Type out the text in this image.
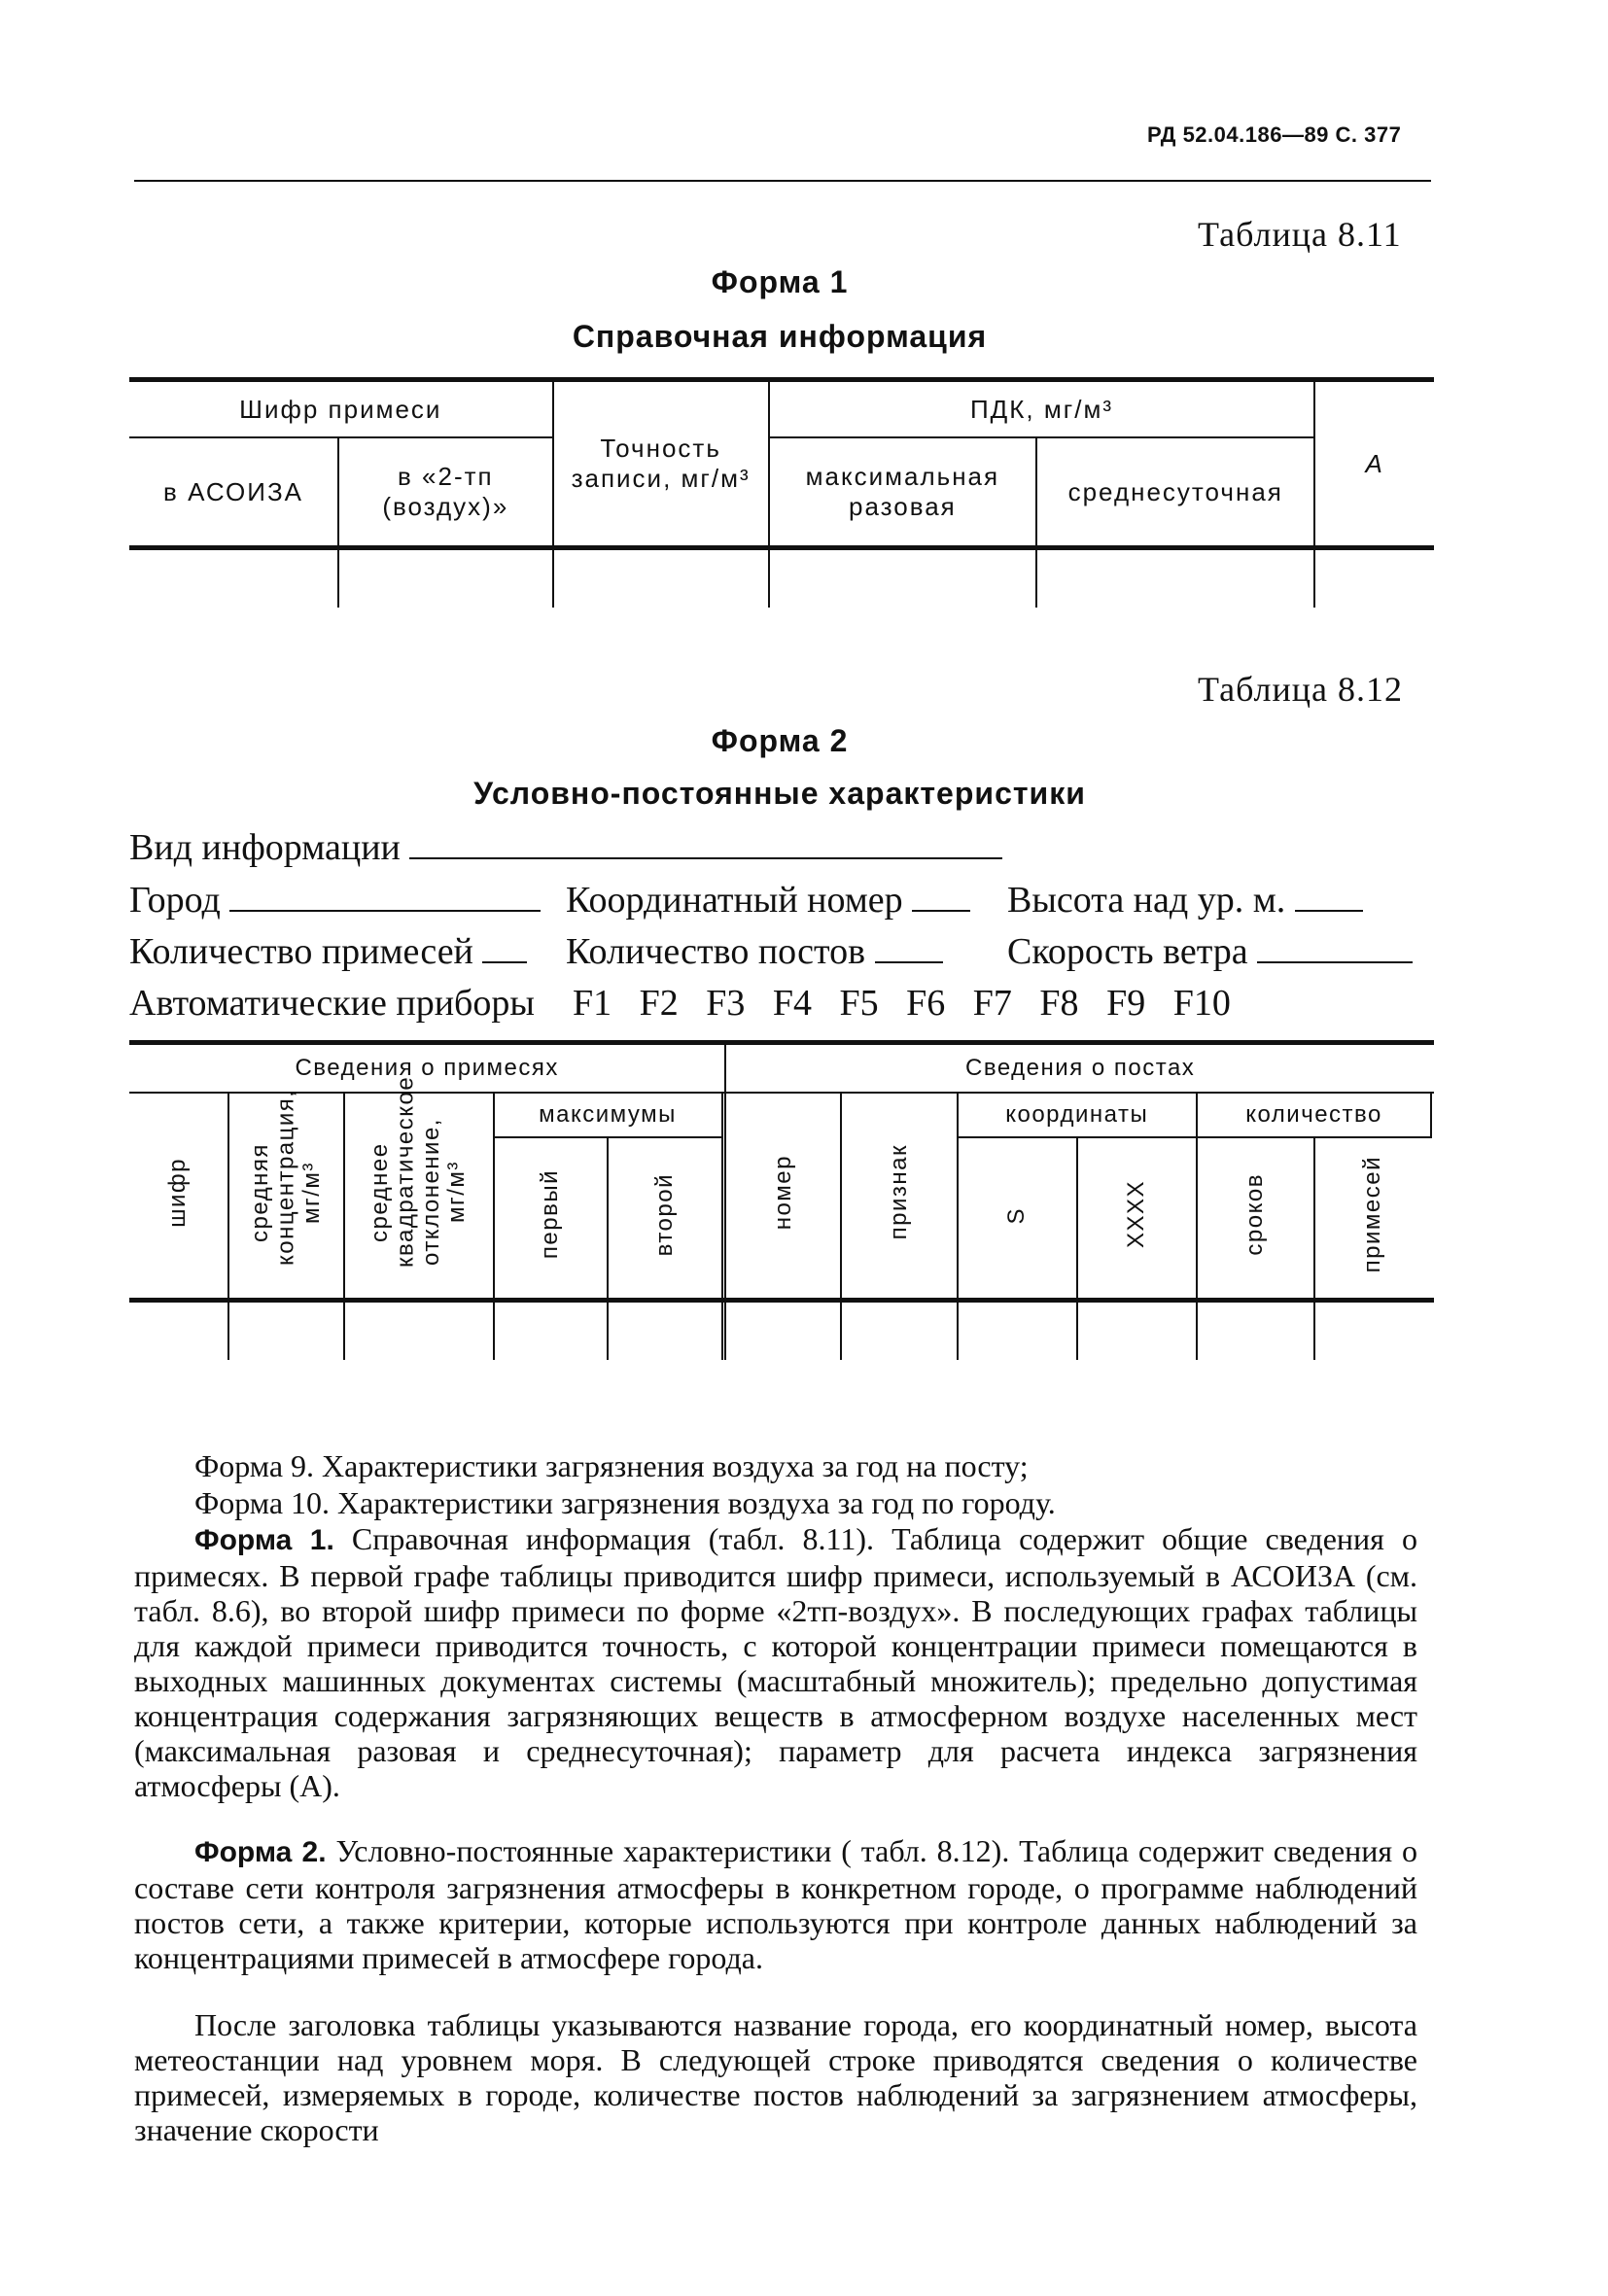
РД 52.04.186—89 С. 377
Таблица 8.11
Форма 1
Справочная информация
Шифр примеси		Точность записи, мг/м³	ПДК, мг/м³		А
в АСОИЗА	в «2-тп (воздух)»		максимальная разовая	среднесуточная	

Таблица 8.12
Форма 2
Условно-постоянные характеристики
Вид информации
Город	Координатный номер	Высота над ур. м.
Количество примесей	Количество постов	Скорость ветра
Автоматические приборы F1 F2 F3 F4 F5 F6 F7 F8 F9 F10
Сведения о примесях						Сведения о постах						
шифр	средняя концентрация, мг/м³	среднее квадратичеcкое отклонение, мг/м³	максимумы			номер	признак	координаты		количество		
			первый	второй				S	XXXX	сроков	примесей	

Форма 9. Характеристики загрязнения воздуха за год на посту;
Форма 10. Характеристики загрязнения воздуха за год по городу.
Форма 1. Справочная информация (табл. 8.11). Таблица содержит общие сведения о примесях. В первой графе таблицы приводится шифр примеси, используемый в АСОИЗА (см. табл. 8.6), во второй шифр примеси по форме «2тп-воздух». В последующих графах таблицы для каждой примеси приводится точность, с которой концентрации примеси помещаются в выходных машинных документах системы (масштабный множитель); предельно допустимая концентрация содержания загрязняющих веществ в атмосферном воздухе населенных мест (максимальная разовая и среднесуточная); параметр для расчета индекса загрязнения атмосферы (А).
Форма 2. Условно-постоянные характеристики ( табл. 8.12). Таблица содержит сведения о составе сети контроля загрязнения атмосферы в конкретном городе, о программе наблюдений постов сети, а также критерии, которые используются при контроле данных наблюдений за концентрациями примесей в атмосфере города.
После заголовка таблицы указываются название города, его координатный номер, высота метеостанции над уровнем моря. В следующей строке приводятся сведения о количестве примесей, измеряемых в городе, количестве постов наблюдений за загрязнением атмосферы, значение скорости
